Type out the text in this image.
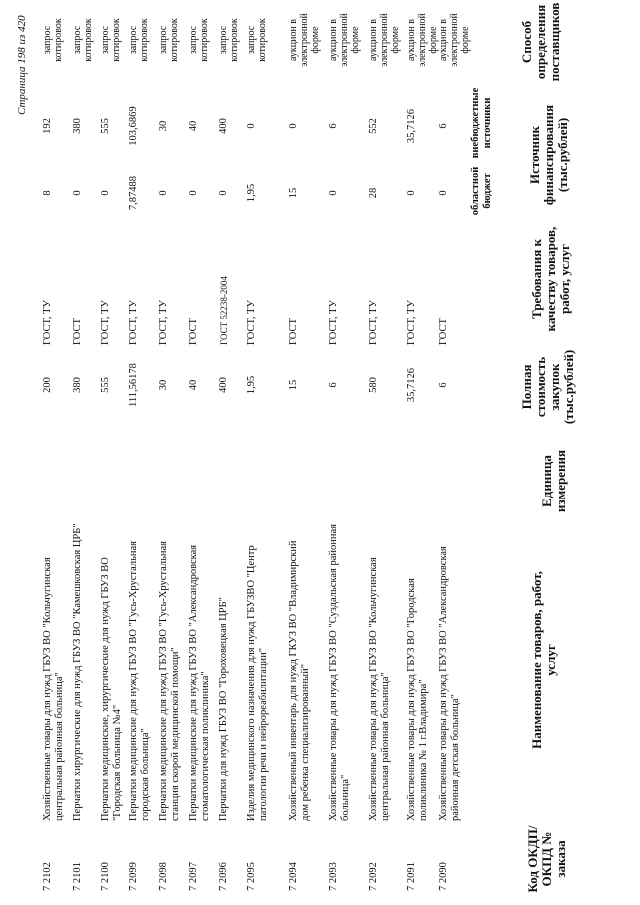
Код ОКДП/ ОКПД № заказа
Наименование товаров, работ, услуг
Единица измерения
Полная стоимость закупок (тыс.рублей)
Требования к качеству товаров, работ, услуг
Источник финансирования (тыс.рублей)
областной бюджет
внебюджетные источники
Способ определения поставщиков
7 2090
Хозяйственные товары для нужд ГБУЗ ВО "Александровская районная детская больница"
6
ГОСТ
0
6
аукцион в электронной форме
7 2091
Хозяйственные товары для нужд ГБУЗ ВО "Городская поликлиника № 1 г.Владимира"
35,7126
ГОСТ, ТУ
0
35,7126
аукцион в электронной форме
7 2092
Хозяйственные товары для нужд ГБУЗ ВО "Кольчугинская центральная районная больница"
580
ГОСТ, ТУ
28
552
аукцион в электронной форме
7 2093
Хозяйственные товары для нужд ГБУЗ ВО "Суздальская районная больница"
6
ГОСТ, ТУ
0
6
аукцион в электронной форме
7 2094
Хозяйственный инвентарь для нужд ГКУЗ ВО "Владимирский дом ребенка специализированный"
15
ГОСТ
15
0
аукцион в электронной форме
7 2095
Изделия медицинского назначения для нужд ГБУЗВО "Центр патологии речи и нейрореабилитации"
1,95
ГОСТ, ТУ
1,95
0
запрос котировок
7 2096
Перчатки для нужд ГБУЗ ВО "Гороховецкая ЦРБ"
400
ГОСТ 52238-2004
0
400
запрос котировок
7 2097
Перчатки медицинские для нужд ГБУЗ ВО "Александровская стоматологическая поликлиника"
40
ГОСТ
0
40
запрос котировок
7 2098
Перчатки медицинские для нужд ГБУЗ ВО "Гусь-Хрустальная станция скорой медицинской помощи"
30
ГОСТ, ТУ
0
30
запрос котировок
7 2099
Перчатки медицинские для нужд ГБУЗ ВО "Гусь-Хрустальная городская больница"
111,56178
ГОСТ, ТУ
7,87488
103,6869
запрос котировок
7 2100
Перчатки медицинские, хирургические для нужд ГБУЗ ВО "Городская больница №4"
555
ГОСТ, ТУ
0
555
запрос котировок
7 2101
Перчатки хирургические для нужд ГБУЗ ВО "Камешковская ЦРБ"
380
ГОСТ
0
380
запрос котировок
7 2102
Хозяйственные товары для нужд ГБУЗ ВО "Кольчугинская центральная районная больница"
200
ГОСТ, ТУ
8
192
запрос котировок
Страница 198 из 420
